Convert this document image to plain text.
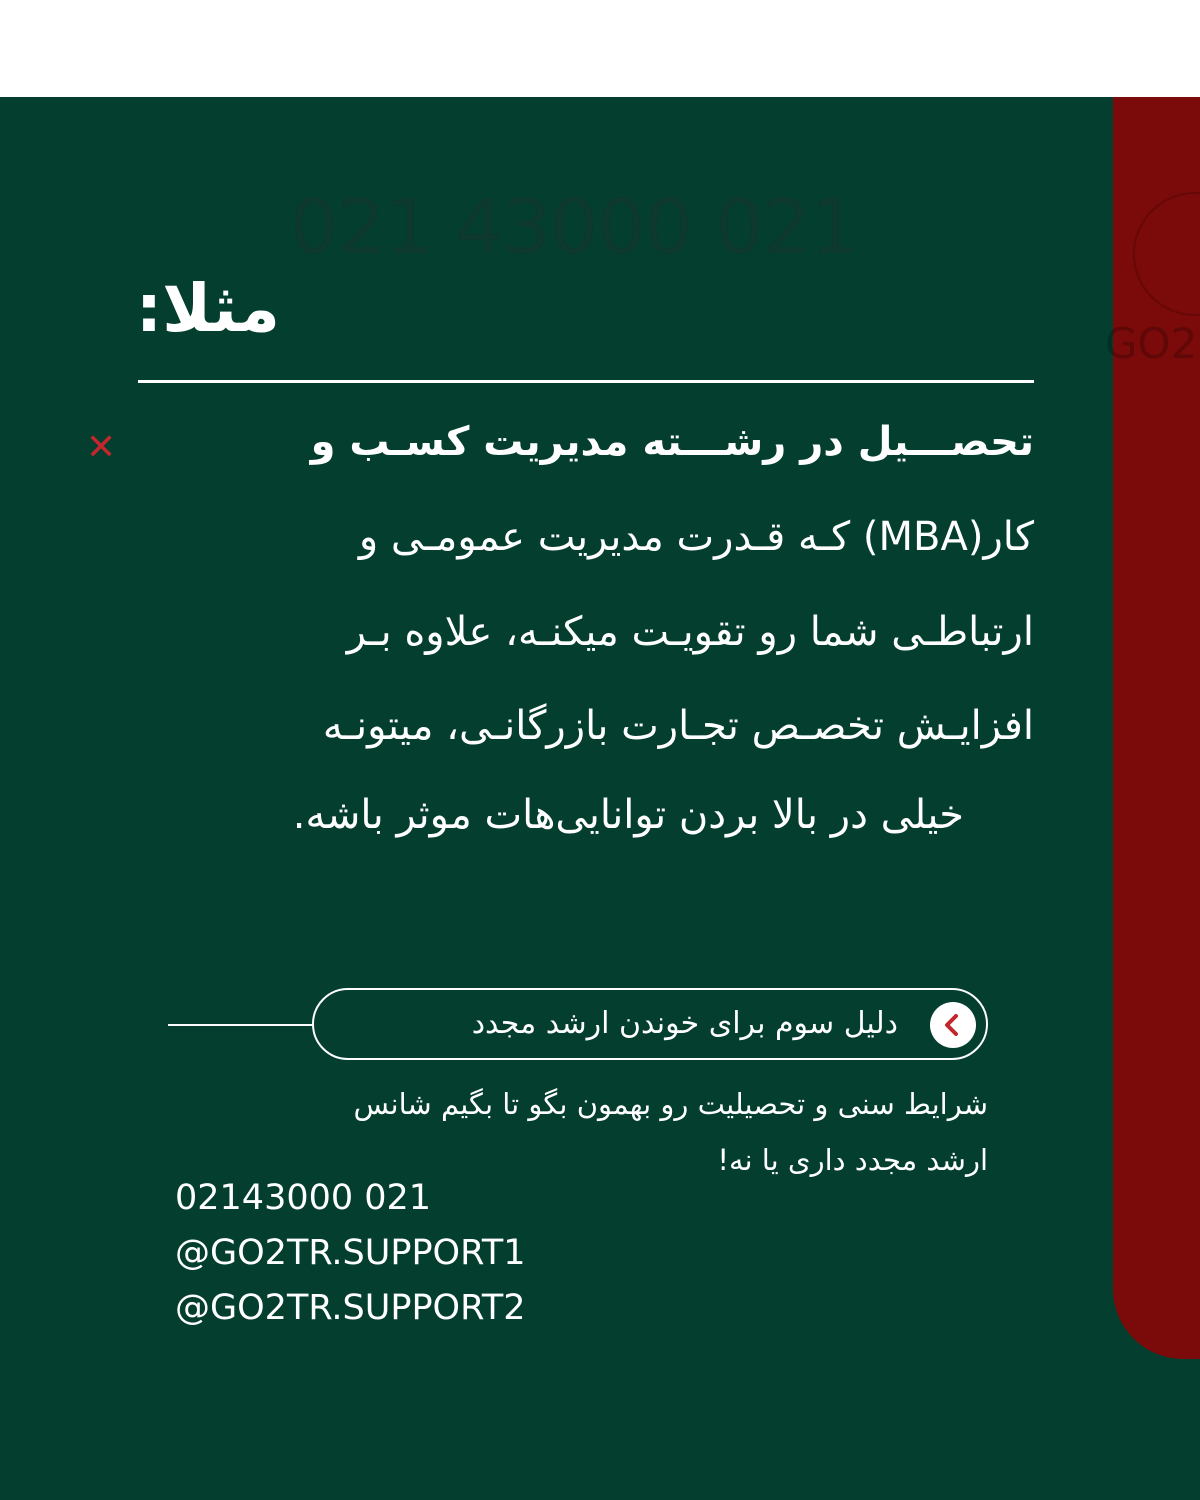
GO2
021 43000 021
مثلا:
✕	تحصـــیل در رشـــته مدیریت کسـب و
کار(MBA) کـه قـدرت مدیریت عمومـی و
ارتباطـی شما رو تقویـت میکنـه، علاوه بـر
افزایـش تخصـص تجـارت بازرگانـی، میتونـه
خیلی در بالا بردن توانایی‌هات موثر باشه.
دلیل سوم برای خوندن ارشد مجدد
شرایط سنی و تحصیلیت رو بهمون بگو تا بگیم شانس
ارشد مجدد داری یا نه!
02143000 021
@GO2TR.SUPPORT1
@GO2TR.SUPPORT2
